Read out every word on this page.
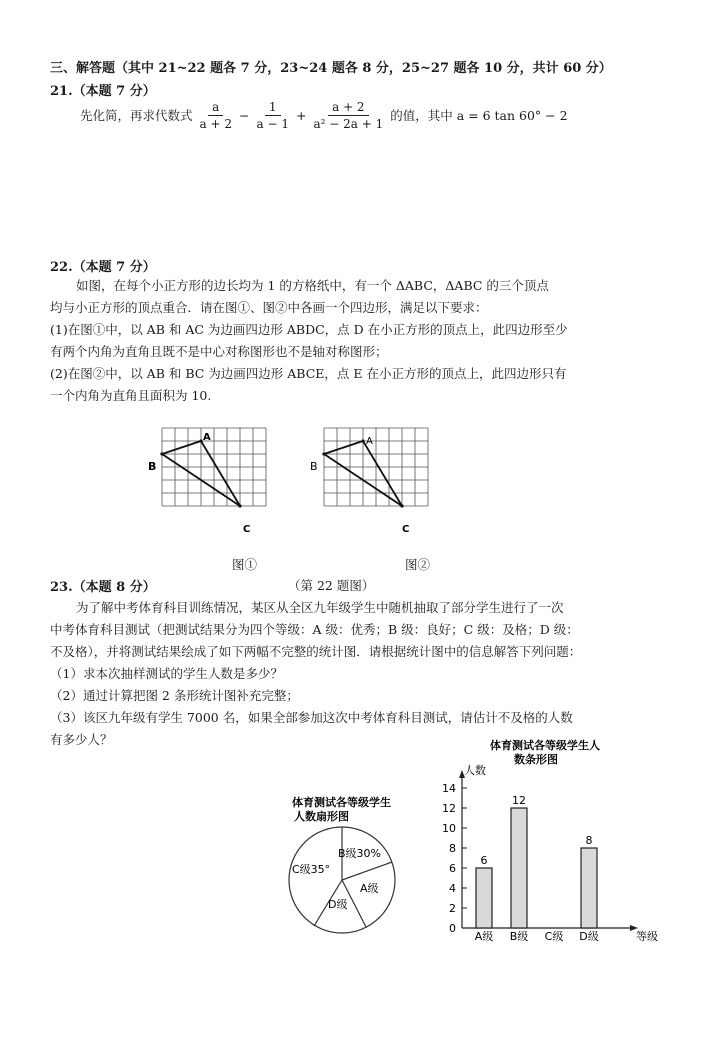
三、解答题（其中 21~22 题各 7 分，23~24 题各 8 分，25~27 题各 10 分，共计 60 分）
21.（本题 7 分）
先化简，再求代数式 $\frac{a}{a + 2} - \frac{1}{a - 1} + \frac{a + 2}{\text{a² − 2a + 1}}$ 的值，其中 a = 6 tan 60° − 2
22.（本题 7 分）
如图，在每个小正方形的边长均为 1 的方格纸中，有一个 ΔABC，ΔABC 的三个顶点
均与小正方形的顶点重合．请在图①、图②中各画一个四边形，满足以下要求：
(1)在图①中，以 AB 和 AC 为边画四边形 ABDC，点 D 在小正方形的顶点上，此四边形至少
有两个内角为直角且既不是中心对称图形也不是轴对称图形；
(2)在图②中，以 AB 和 BC 为边画四边形 ABCE，点 E 在小正方形的顶点上，此四边形只有
一个内角为直角且面积为 10.
B
A
C
B
A
C
图①	图②
（第 22 题图）
23.（本题 8 分）
为了解中考体育科目训练情况，某区从全区九年级学生中随机抽取了部分学生进行了一次
中考体育科目测试（把测试结果分为四个等级：A 级：优秀；B 级：良好；C 级：及格；D 级：
不及格），并将测试结果绘成了如下两幅不完整的统计图．请根据统计图中的信息解答下列问题：
（1）求本次抽样测试的学生人数是多少？
（2）通过计算把图 2 条形统计图补充完整；
（3）该区九年级有学生 7000 名，如果全部参加这次中考体育科目测试，请估计不及格的人数
有多少人？
体育测试各等级学生
人数扇形图
B级30%
C级35°
D级
A级
体育测试各等级学生人
数条形图
人数
等级
0
2
4
6
8
10
12
14
6
A级
12
B级 C级
8
D级
